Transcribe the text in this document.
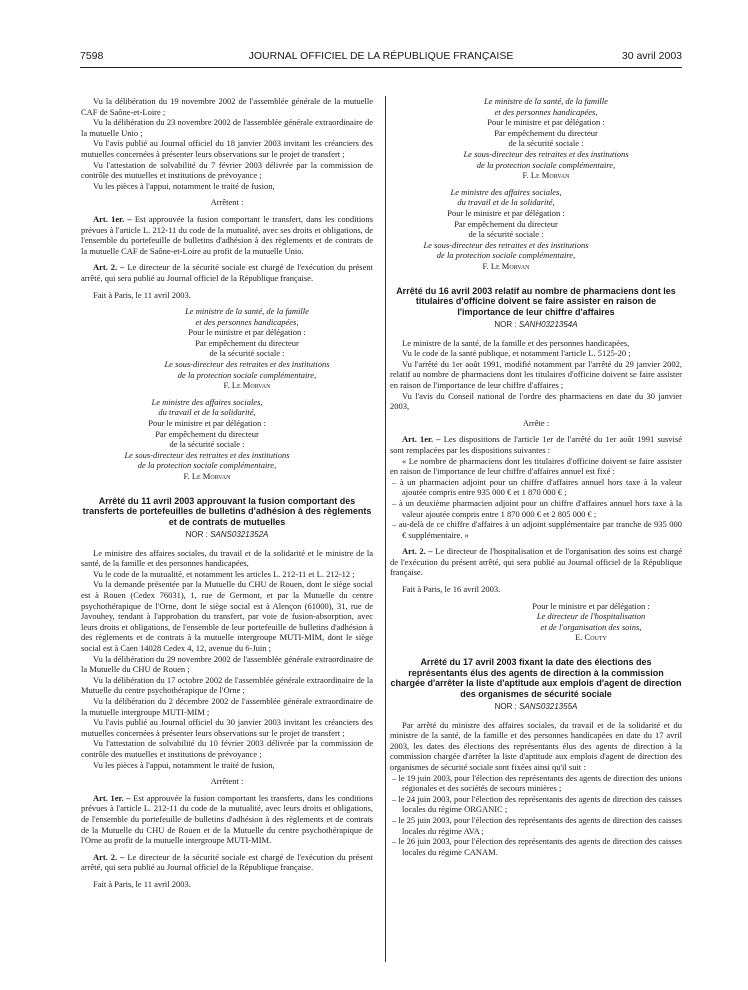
7598	JOURNAL OFFICIEL DE LA RÉPUBLIQUE FRANÇAISE	30 avril 2003

Vu la délibération du 19 novembre 2002 de l'assemblée générale de la mutuelle CAF de Saône-et-Loire ;

Vu la délibération du 23 novembre 2002 de l'assemblée générale extraordinaire de la mutuelle Unio ;

Vu l'avis publié au Journal officiel du 18 janvier 2003 invitant les créanciers des mutuelles concernées à présenter leurs observations sur le projet de transfert ;

Vu l'attestation de solvabilité du 7 février 2003 délivrée par la commission de contrôle des mutuelles et institutions de prévoyance ;

Vu les pièces à l'appui, notamment le traité de fusion,

Arrêtent :

Art. 1er. – Est approuvée la fusion comportant le transfert, dans les conditions prévues à l'article L. 212-11 du code de la mutualité, avec ses droits et obligations, de l'ensemble du portefeuille de bulletins d'adhésion à des règlements et de contrats de la mutuelle CAF de Saône-et-Loire au profit de la mutuelle Unio.

Art. 2. – Le directeur de la sécurité sociale est chargé de l'exécution du présent arrêté, qui sera publié au Journal officiel de la République française.

Fait à Paris, le 11 avril 2003.

Le ministre de la santé, de la famille
et des personnes handicapées,
Pour le ministre et par délégation :
Par empêchement du directeur
de la sécurité sociale :
Le sous-directeur des retraites et des institutions
de la protection sociale complémentaire,
F. Le Morvan
Le ministre des affaires sociales,
du travail et de la solidarité,
Pour le ministre et par délégation :
Par empêchement du directeur
de la sécurité sociale :
Le sous-directeur des retraites et des institutions
de la protection sociale complémentaire,
F. Le Morvan
Arrêté du 11 avril 2003 approuvant la fusion comportant des transferts de portefeuilles de bulletins d'adhésion à des règlements et de contrats de mutuelles
NOR : SANS0321352A

Le ministre des affaires sociales, du travail et de la solidarité et le ministre de la santé, de la famille et des personnes handicapées,

Vu le code de la mutualité, et notamment les articles L. 212-11 et L. 212-12 ;

Vu la demande présentée par la Mutuelle du CHU de Rouen, dont le siège social est à Rouen (Cedex 76031), 1, rue de Germont, et par la Mutuelle du centre psychothérapique de l'Orne, dont le siège social est à Alençon (61000), 31, rue de Javouhey, tendant à l'approbation du transfert, par voie de fusion-absorption, avec leurs droits et obligations, de l'ensemble de leur portefeuille de bulletins d'adhésion à des règlements et de contrats à la mutuelle intergroupe MUTI-MIM, dont le siège social est à Caen 14028 Cedex 4, 12, avenue du 6-Juin ;

Vu la délibération du 29 novembre 2002 de l'assemblée générale extraordinaire de la Mutuelle du CHU de Rouen ;

Vu la délibération du 17 octobre 2002 de l'assemblée générale extraordinaire de la Mutuelle du centre psychothérapique de l'Orne ;

Vu la délibération du 2 décembre 2002 de l'assemblée générale extraordinaire de la mutuelle intergroupe MUTI-MIM ;

Vu l'avis publié au Journal officiel du 30 janvier 2003 invitant les créanciers des mutuelles concernées à présenter leurs observations sur le projet de transfert ;

Vu l'attestation de solvabilité du 10 février 2003 délivrée par la commission de contrôle des mutuelles et institutions de prévoyance ;

Vu les pièces à l'appui, notamment le traité de fusion,

Arrêtent :

Art. 1er. – Est approuvée la fusion comportant les transferts, dans les conditions prévues à l'article L. 212-11 du code de la mutualité, avec leurs droits et obligations, de l'ensemble du portefeuille de bulletins d'adhésion à des règlements et de contrats de la Mutuelle du CHU de Rouen et de la Mutuelle du centre psychothérapique de l'Orne au profit de la mutuelle intergroupe MUTI-MIM.

Art. 2. – Le directeur de la sécurité sociale est chargé de l'exécution du présent arrêté, qui sera publié au Journal officiel de la République française.

Fait à Paris, le 11 avril 2003.

Le ministre de la santé, de la famille
et des personnes handicapées,
Pour le ministre et par délégation :
Par empêchement du directeur
de la sécurité sociale :
Le sous-directeur des retraites et des institutions
de la protection sociale complémentaire,
F. Le Morvan
Le ministre des affaires sociales,
du travail et de la solidarité,
Pour le ministre et par délégation :
Par empêchement du directeur
de la sécurité sociale :
Le sous-directeur des retraites et des institutions
de la protection sociale complémentaire,
F. Le Morvan
Arrêté du 16 avril 2003 relatif au nombre de pharmaciens dont les titulaires d'officine doivent se faire assister en raison de l'importance de leur chiffre d'affaires
NOR : SANH0321354A

Le ministre de la santé, de la famille et des personnes handicapées,

Vu le code de la santé publique, et notamment l'article L. 5125-20 ;

Vu l'arrêté du 1er août 1991, modifié notamment par l'arrêté du 29 janvier 2002, relatif au nombre de pharmaciens dont les titulaires d'officine doivent se faire assister en raison de l'importance de leur chiffre d'affaires ;

Vu l'avis du Conseil national de l'ordre des pharmaciens en date du 30 janvier 2003,

Arrête :

Art. 1er. – Les dispositions de l'article 1er de l'arrêté du 1er août 1991 susvisé sont remplacées par les dispositions suivantes :

« Le nombre de pharmaciens dont les titulaires d'officine doivent se faire assister en raison de l'importance de leur chiffre d'affaires annuel est fixé :

– à un pharmacien adjoint pour un chiffre d'affaires annuel hors taxe à la valeur ajoutée compris entre 935 000 € et 1 870 000 € ;

– à un deuxième pharmacien adjoint pour un chiffre d'affaires annuel hors taxe à la valeur ajoutée compris entre 1 870 000 € et 2 805 000 € ;

– au-delà de ce chiffre d'affaires à un adjoint supplémentaire par tranche de 935 000 € supplémentaire. »

Art. 2. – Le directeur de l'hospitalisation et de l'organisation des soins est chargé de l'exécution du présent arrêté, qui sera publié au Journal officiel de la République française.

Fait à Paris, le 16 avril 2003.

Pour le ministre et par délégation :
Le directeur de l'hospitalisation
et de l'organisation des soins,
E. Couty
Arrêté du 17 avril 2003 fixant la date des élections des représentants élus des agents de direction à la commission chargée d'arrêter la liste d'aptitude aux emplois d'agent de direction des organismes de sécurité sociale
NOR : SANS0321355A

Par arrêté du ministre des affaires sociales, du travail et de la solidarité et du ministre de la santé, de la famille et des personnes handicapées en date du 17 avril 2003, les dates des élections des représentants élus des agents de direction à la commission chargée d'arrêter la liste d'aptitude aux emplois d'agent de direction des organismes de sécurité sociale sont fixées ainsi qu'il suit :

– le 19 juin 2003, pour l'élection des représentants des agents de direction des unions régionales et des sociétés de secours minières ;

– le 24 juin 2003, pour l'élection des représentants des agents de direction des caisses locales du régime ORGANIC ;

– le 25 juin 2003, pour l'élection des représentants des agents de direction des caisses locales du régime AVA ;

– le 26 juin 2003, pour l'élection des représentants des agents de direction des caisses locales du régime CANAM.
